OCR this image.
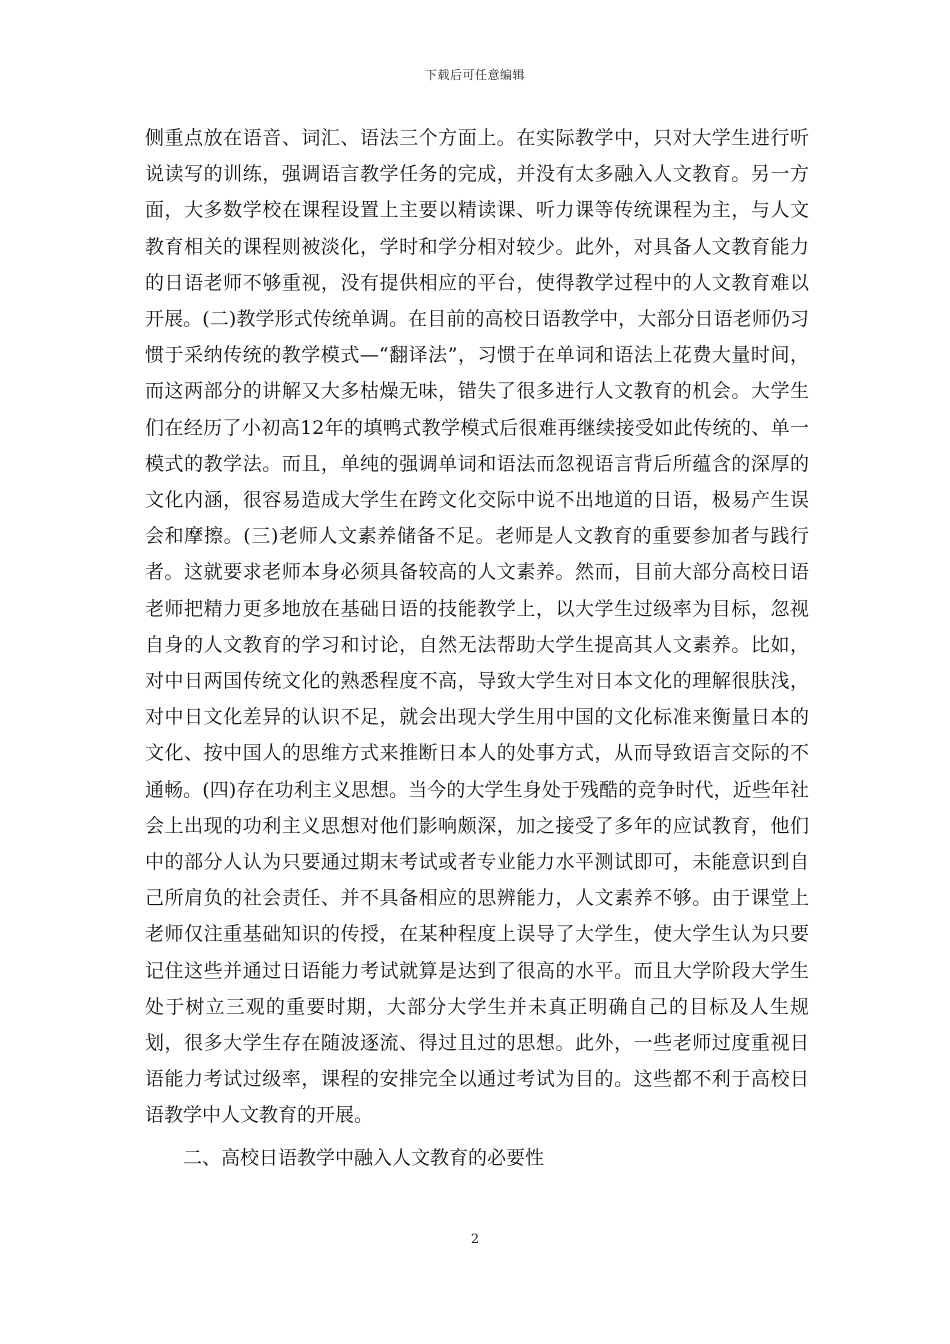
下载后可任意编辑

侧重点放在语音、词汇、语法三个方面上。在实际教学中，只对大学生进行听说读写的训练，强调语言教学任务的完成，并没有太多融入人文教育。另一方面，大多数学校在课程设置上主要以精读课、听力课等传统课程为主，与人文教育相关的课程则被淡化，学时和学分相对较少。此外，对具备人文教育能力的日语老师不够重视，没有提供相应的平台，使得教学过程中的人文教育难以开展。(二)教学形式传统单调。在目前的高校日语教学中，大部分日语老师仍习惯于采纳传统的教学模式—“翻译法”，习惯于在单词和语法上花费大量时间，而这两部分的讲解又大多枯燥无味，错失了很多进行人文教育的机会。大学生们在经历了小初高12年的填鸭式教学模式后很难再继续接受如此传统的、单一模式的教学法。而且，单纯的强调单词和语法而忽视语言背后所蕴含的深厚的文化内涵，很容易造成大学生在跨文化交际中说不出地道的日语，极易产生误会和摩擦。(三)老师人文素养储备不足。老师是人文教育的重要参加者与践行者。这就要求老师本身必须具备较高的人文素养。然而，目前大部分高校日语老师把精力更多地放在基础日语的技能教学上，以大学生过级率为目标，忽视自身的人文教育的学习和讨论，自然无法帮助大学生提高其人文素养。比如，对中日两国传统文化的熟悉程度不高，导致大学生对日本文化的理解很肤浅，对中日文化差异的认识不足，就会出现大学生用中国的文化标准来衡量日本的文化、按中国人的思维方式来推断日本人的处事方式，从而导致语言交际的不通畅。(四)存在功利主义思想。当今的大学生身处于残酷的竞争时代，近些年社会上出现的功利主义思想对他们影响颇深，加之接受了多年的应试教育，他们中的部分人认为只要通过期末考试或者专业能力水平测试即可，未能意识到自己所肩负的社会责任、并不具备相应的思辨能力，人文素养不够。由于课堂上老师仅注重基础知识的传授，在某种程度上误导了大学生，使大学生认为只要记住这些并通过日语能力考试就算是达到了很高的水平。而且大学阶段大学生处于树立三观的重要时期，大部分大学生并未真正明确自己的目标及人生规划，很多大学生存在随波逐流、得过且过的思想。此外，一些老师过度重视日语能力考试过级率，课程的安排完全以通过考试为目的。这些都不利于高校日语教学中人文教育的开展。

二、高校日语教学中融入人文教育的必要性

2
